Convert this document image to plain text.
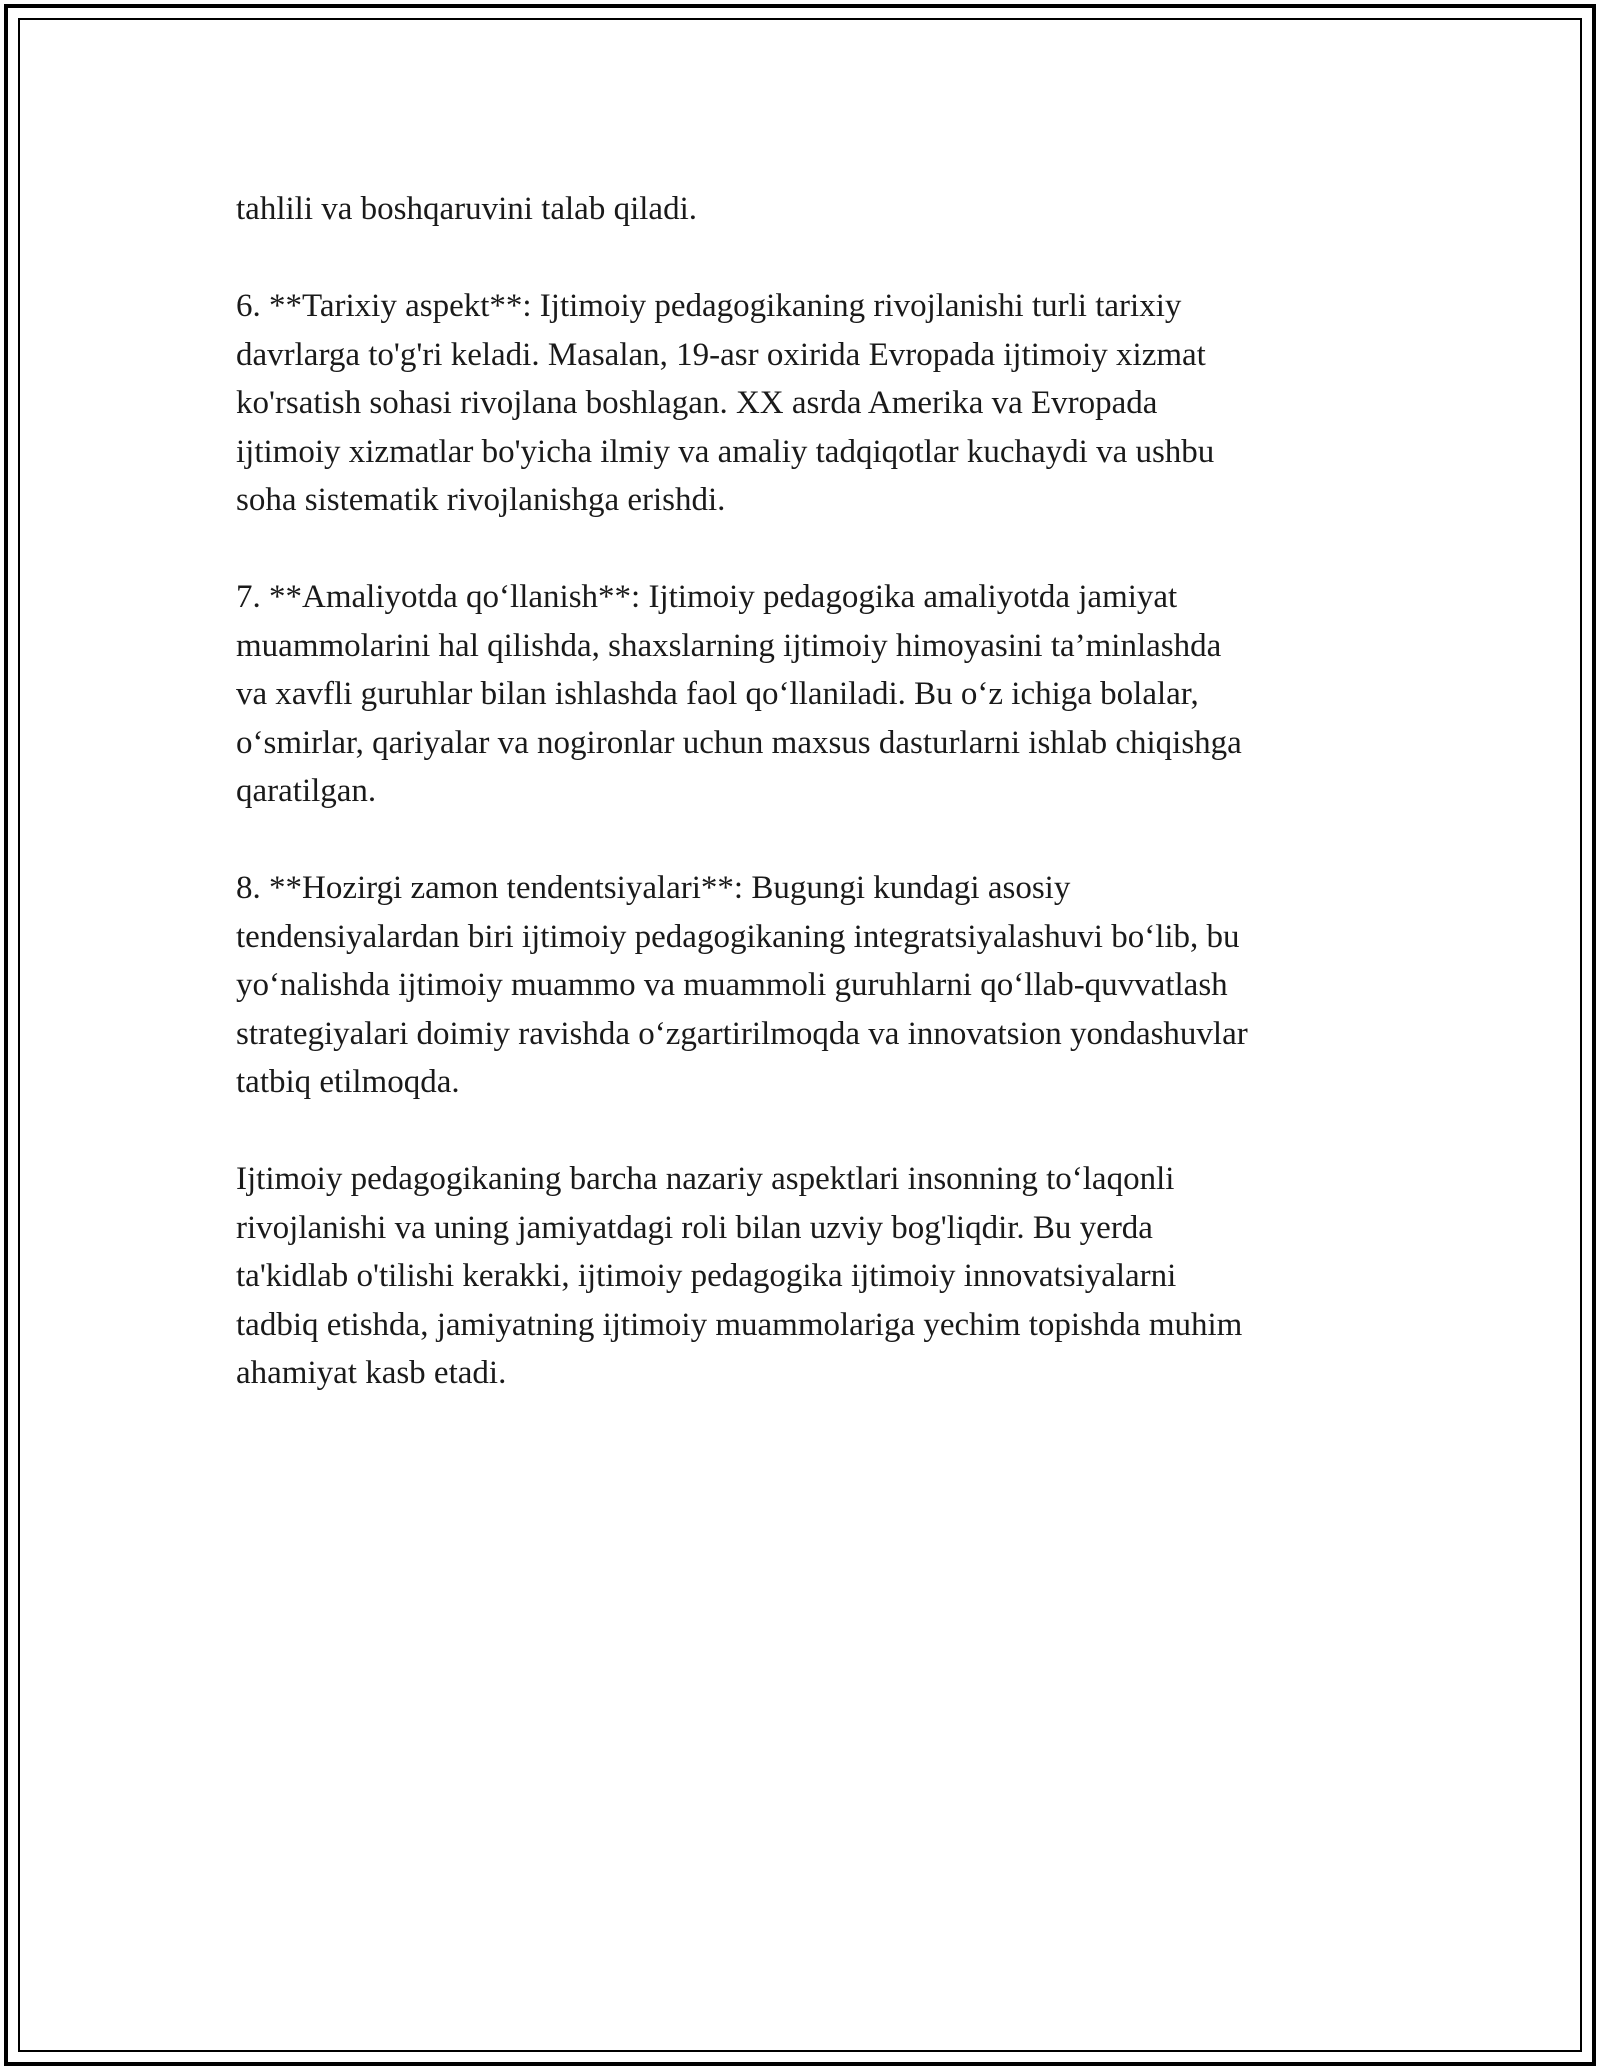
tahlili va boshqaruvini talab qiladi.

6. **Tarixiy aspekt**: Ijtimoiy pedagogikaning rivojlanishi turli tarixiy
davrlarga to'g'ri keladi. Masalan, 19-asr oxirida Evropada ijtimoiy xizmat
ko'rsatish sohasi rivojlana boshlagan. XX asrda Amerika va Evropada
ijtimoiy xizmatlar bo'yicha ilmiy va amaliy tadqiqotlar kuchaydi va ushbu
soha sistematik rivojlanishga erishdi.

7. **Amaliyotda qo‘llanish**: Ijtimoiy pedagogika amaliyotda jamiyat
muammolarini hal qilishda, shaxslarning ijtimoiy himoyasini ta’minlashda
va xavfli guruhlar bilan ishlashda faol qo‘llaniladi. Bu o‘z ichiga bolalar,
o‘smirlar, qariyalar va nogironlar uchun maxsus dasturlarni ishlab chiqishga
qaratilgan.

8. **Hozirgi zamon tendentsiyalari**: Bugungi kundagi asosiy
tendensiyalardan biri ijtimoiy pedagogikaning integratsiyalashuvi bo‘lib, bu
yo‘nalishda ijtimoiy muammo va muammoli guruhlarni qo‘llab-quvvatlash
strategiyalari doimiy ravishda o‘zgartirilmoqda va innovatsion yondashuvlar
tatbiq etilmoqda.

Ijtimoiy pedagogikaning barcha nazariy aspektlari insonning to‘laqonli
rivojlanishi va uning jamiyatdagi roli bilan uzviy bog'liqdir. Bu yerda
ta'kidlab o'tilishi kerakki, ijtimoiy pedagogika ijtimoiy innovatsiyalarni
tadbiq etishda, jamiyatning ijtimoiy muammolariga yechim topishda muhim
ahamiyat kasb etadi.
